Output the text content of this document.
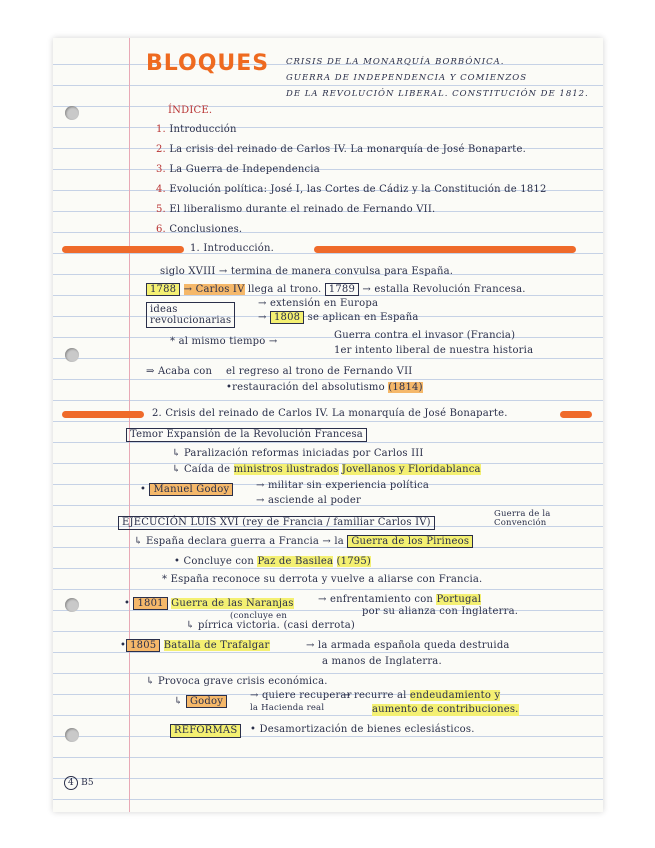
BLOQUES CRISIS DE LA MONARQUÍA BORBÓNICA.
GUERRA DE INDEPENDENCIA Y COMIENZOS
DE LA REVOLUCIÓN LIBERAL. CONSTITUCIÓN DE 1812.
ÍNDICE.
1. Introducción
2. La crisis del reinado de Carlos IV. La monarquía de José Bonaparte.
3. La Guerra de Independencia
4. Evolución política: José I, las Cortes de Cádiz y la Constitución de 1812
5. El liberalismo durante el reinado de Fernando VII.
6. Conclusiones.
1. Introducción.
siglo XVIII → termina de manera convulsa para España.
1788 → Carlos IV llega al trono. 1789 → estalla Revolución Francesa.
ideas
revolucionarias
→ extensión en Europa
→ 1808 se aplican en España
* al mismo tiempo →
Guerra contra el invasor (Francia)
1er intento liberal de nuestra historia
⇒ Acaba con el regreso al trono de Fernando VII
•restauración del absolutismo (1814)
2. Crisis del reinado de Carlos IV. La monarquía de José Bonaparte.
Temor Expansión de la Revolución Francesa
↳ Paralización reformas iniciadas por Carlos III
↳ Caída de ministros ilustrados Jovellanos y Floridablanca
• Manuel Godoy	→ militar sin experiencia política
→ asciende al poder
EJECUCIÓN LUIS XVI (rey de Francia / familiar Carlos IV)
Guerra de la Convención
↳ España declara guerra a Francia → la Guerra de los Pirineos
• Concluye con Paz de Basilea (1795)
* España reconoce su derrota y vuelve a aliarse con Francia.
• 1801 Guerra de las Naranjas → enfrentamiento con Portugal
por su alianza con Inglaterra.
(concluye en
↳ pírrica victoria. (casi derrota)
• 1805 Batalla de Trafalgar	→ la armada española queda destruida
a manos de Inglaterra.
↳ Provoca grave crisis económica.
↳ Godoy
→ quiere recuperar
la Hacienda real
→ recurre al endeudamiento y
aumento de contribuciones.
REFORMAS	• Desamortización de bienes eclesiásticos.
4 B5
